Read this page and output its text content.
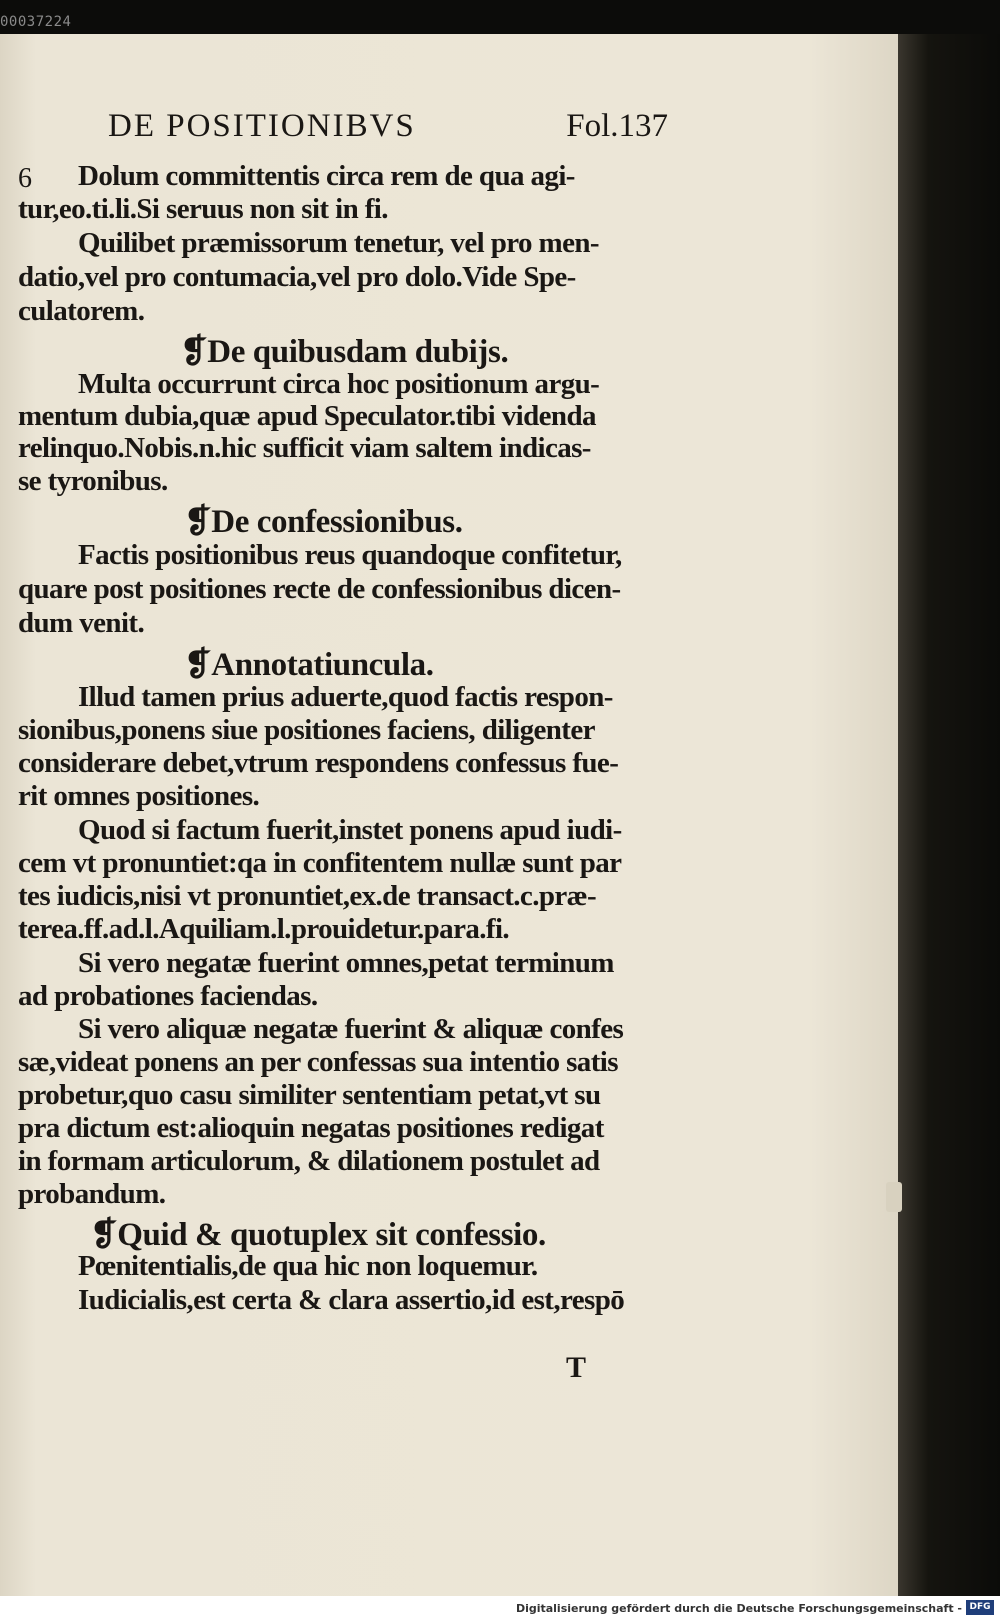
00037224
DE POSITIONIBVS	Fol.137
6 Dolum committentis circa rem de qua agi-
tur,eo.ti.li.Si seruus non sit in fi.
Quilibet præmissorum tenetur, vel pro men-
datio,vel pro contumacia,vel pro dolo.Vide Spe-
culatorem.
❡De quibusdam dubijs.
Multa occurrunt circa hoc positionum argu-
mentum dubia,quæ apud Speculator.tibi videnda
relinquo.Nobis.n.hic sufficit viam saltem indicas-
se tyronibus.
❡De confessionibus.
Factis positionibus reus quandoque confitetur,
quare post positiones recte de confessionibus dicen-
dum venit.
❡Annotatiuncula.
Illud tamen prius aduerte,quod factis respon-
sionibus,ponens siue positiones faciens, diligenter
considerare debet,vtrum respondens confessus fue-
rit omnes positiones.
Quod si factum fuerit,instet ponens apud iudi-
cem vt pronuntiet:qa in confitentem nullæ sunt par
tes iudicis,nisi vt pronuntiet,ex.de transact.c.præ-
terea.ff.ad.l.Aquiliam.l.prouidetur.para.fi.
Si vero negatæ fuerint omnes,petat terminum
ad probationes faciendas.
Si vero aliquæ negatæ fuerint & aliquæ confes
sæ,videat ponens an per confessas sua intentio satis
probetur,quo casu similiter sententiam petat,vt su
pra dictum est:alioquin negatas positiones redigat
in formam articulorum, & dilationem postulet ad
probandum.
❡Quid & quotuplex sit confessio.
Pœnitentialis,de qua hic non loquemur.
Iudicialis,est certa & clara assertio,id est,respō
T
Digitalisierung gefördert durch die Deutsche Forschungsgemeinschaft - DFG
